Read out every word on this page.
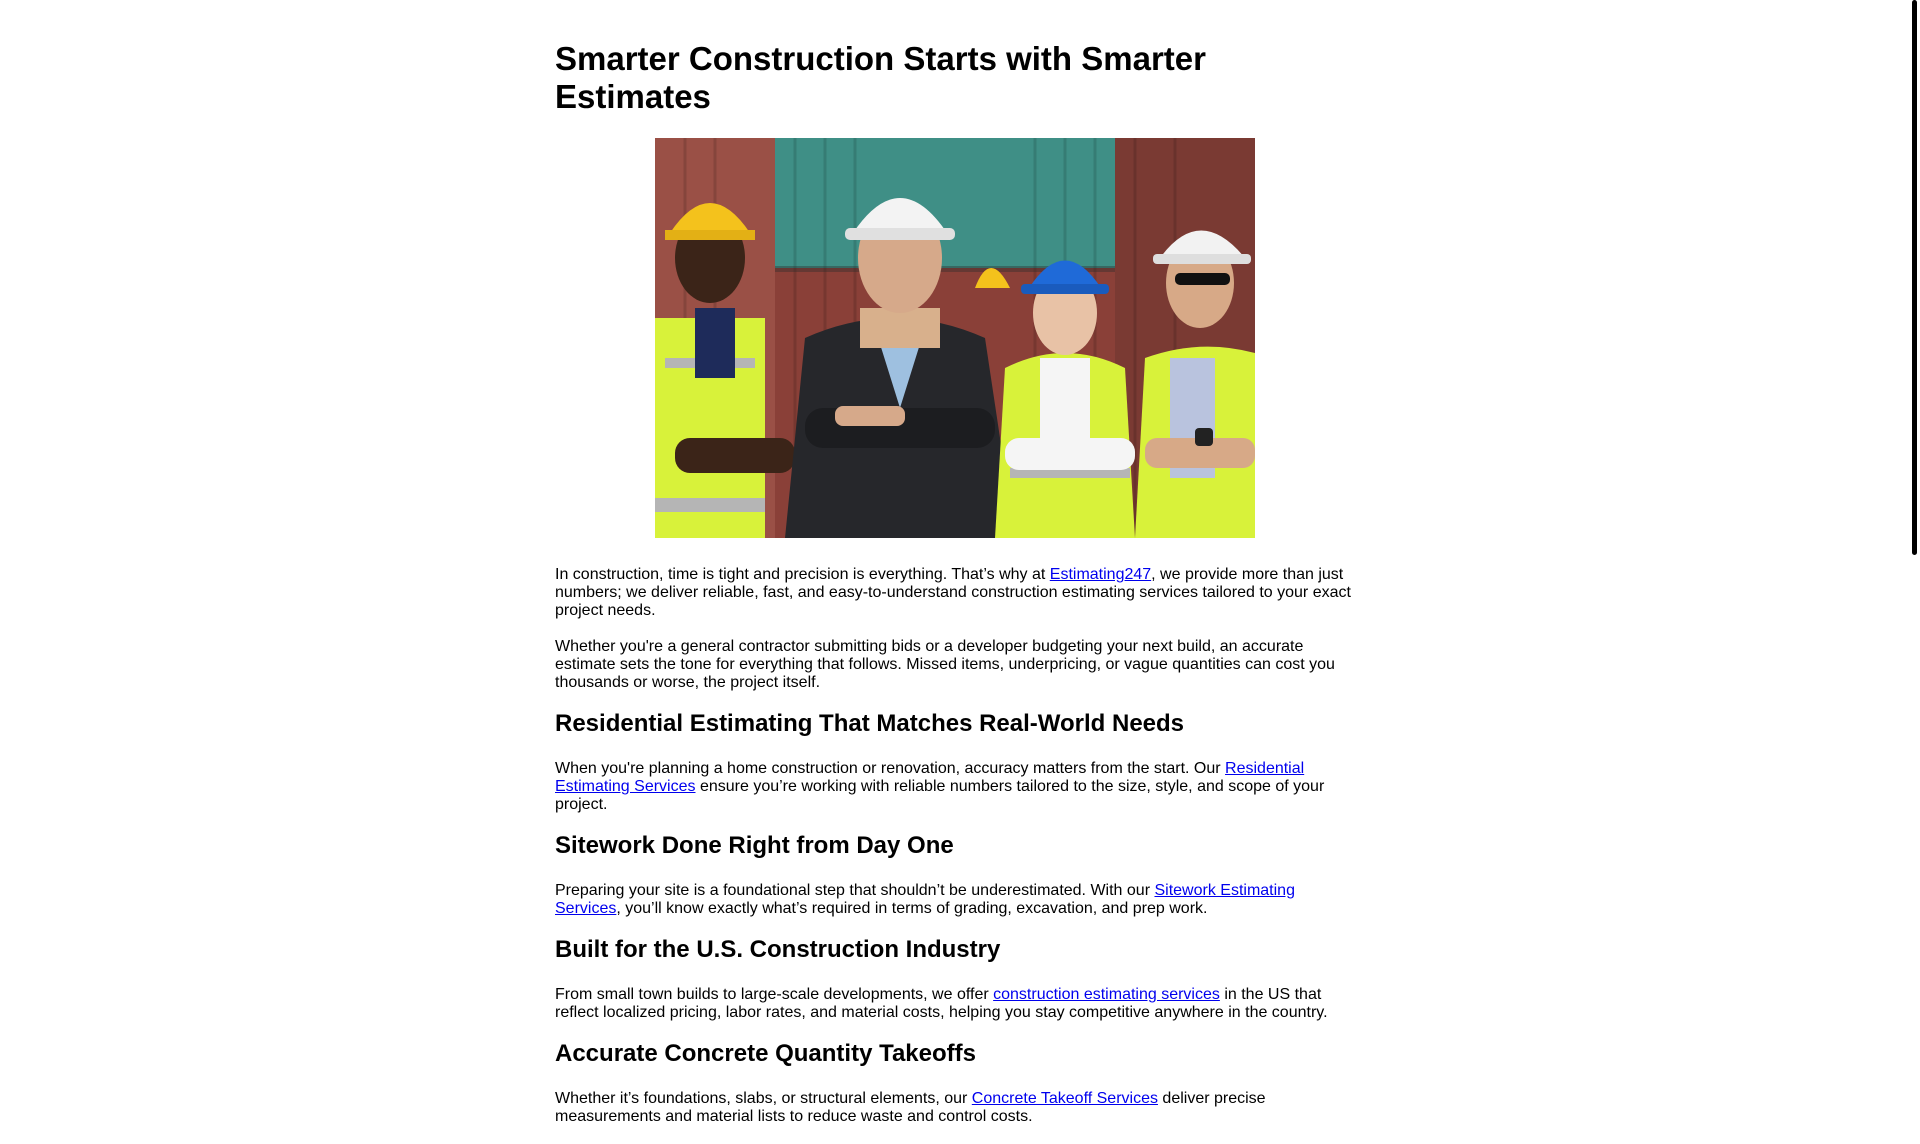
Smarter Construction Starts with Smarter Estimates

In construction, time is tight and precision is everything. That’s why at Estimating247, we provide more than just numbers; we deliver reliable, fast, and easy-to-understand construction estimating services tailored to your exact project needs.

Whether you're a general contractor submitting bids or a developer budgeting your next build, an accurate estimate sets the tone for everything that follows. Missed items, underpricing, or vague quantities can cost you thousands or worse, the project itself.

Residential Estimating That Matches Real-World Needs

When you're planning a home construction or renovation, accuracy matters from the start. Our Residential Estimating Services ensure you’re working with reliable numbers tailored to the size, style, and scope of your project.

Sitework Done Right from Day One

Preparing your site is a foundational step that shouldn’t be underestimated. With our Sitework Estimating Services, you’ll know exactly what’s required in terms of grading, excavation, and prep work.

Built for the U.S. Construction Industry

From small town builds to large-scale developments, we offer construction estimating services in the US that reflect localized pricing, labor rates, and material costs, helping you stay competitive anywhere in the country.

Accurate Concrete Quantity Takeoffs

Whether it’s foundations, slabs, or structural elements, our Concrete Takeoff Services deliver precise measurements and material lists to reduce waste and control costs.
